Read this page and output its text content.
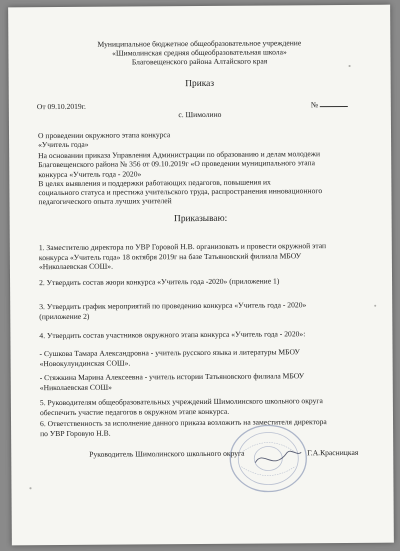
Муниципальное бюджетное общеобразовательное учреждение
«Шимолинская средняя общеобразовательная школа»
Благовещенского района Алтайского края
Приказ
От 09.10.2019г.	№
с. Шимолино
О проведении окружного этапа конкурса
«Учитель года»
На основании приказа Управления Администрации по образованию и делам молодежи
Благовещенского района № 356 от 09.10.2019г «О проведении муниципального этапа
конкурса «Учитель года - 2020»
В целях выявления и поддержки работающих педагогов, повышения их
социального статуса и престижа учительского труда, распространения инновационного
педагогического опыта лучших учителей
Приказываю:
1. Заместителю директора по УВР Горовой Н.В. организовать и провести окружной этап
конкурса «Учитель года» 18 октября 2019г на базе Татьяновский филиала МБОУ
«Николаевская СОШ».
2. Утвердить состав жюри конкурса «Учитель года -2020» (приложение 1)
3. Утвердить график мероприятий по проведению конкурса «Учитель года - 2020»
(приложение 2)
4. Утвердить состав участников окружного этапа конкурса «Учитель года - 2020»:
- Сушкова Тамара Александровна - учитель русского языка и литературы МБОУ
«Новокулундинская СОШ».
- Стяжкина Марина Алексеевна - учитель истории Татьяновского филиала МБОУ
«Николаевская СОШ»
5. Руководителям общеобразовательных учреждений Шимолинского школьного округа
обеспечить участие педагогов в окружном этапе конкурса.
6. Ответственность за исполнение данного приказа возложить на заместителя директора
по УВР Горовую Н.В.
Руководитель Шимолинского школьного округа	Г.А.Красницкая
